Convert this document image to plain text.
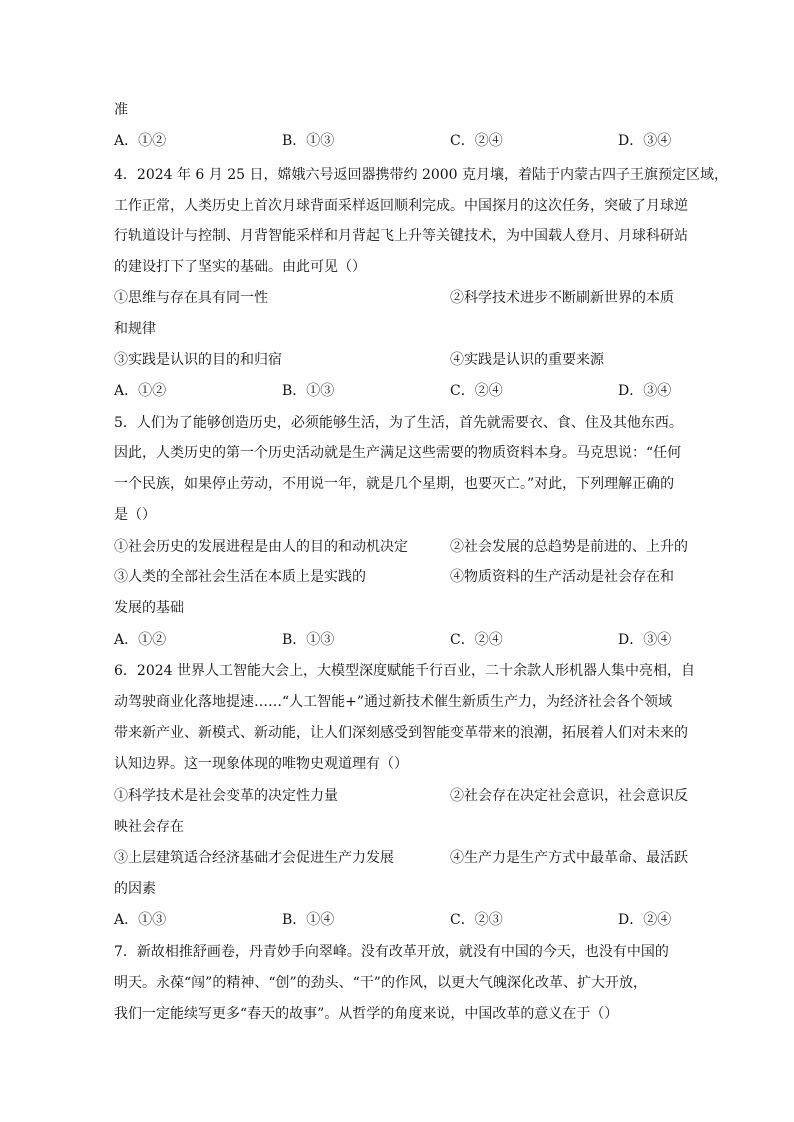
准
A．①②	B．①③	C．②④	D．③④
4．2024 年 6 月 25 日，嫦娥六号返回器携带约 2000 克月壤，着陆于内蒙古四子王旗预定区域，
工作正常，人类历史上首次月球背面采样返回顺利完成。中国探月的这次任务，突破了月球逆
行轨道设计与控制、月背智能采样和月背起飞上升等关键技术，为中国载人登月、月球科研站
的建设打下了坚实的基础。由此可见（）
①思维与存在具有同一性	②科学技术进步不断刷新世界的本质
和规律
③实践是认识的目的和归宿	④实践是认识的重要来源
A．①②	B．①③	C．②④	D．③④
5．人们为了能够创造历史，必须能够生活，为了生活，首先就需要衣、食、住及其他东西。
因此，人类历史的第一个历史活动就是生产满足这些需要的物质资料本身。马克思说：“任何
一个民族，如果停止劳动，不用说一年，就是几个星期，也要灭亡。”对此，下列理解正确的
是（）
①社会历史的发展进程是由人的目的和动机决定	②社会发展的总趋势是前进的、上升的
③人类的全部社会生活在本质上是实践的	④物质资料的生产活动是社会存在和
发展的基础
A．①②	B．①③	C．②④	D．③④
6．2024 世界人工智能大会上，大模型深度赋能千行百业，二十余款人形机器人集中亮相，自
动驾驶商业化落地提速……“人工智能+”通过新技术催生新质生产力，为经济社会各个领域
带来新产业、新模式、新动能，让人们深刻感受到智能变革带来的浪潮，拓展着人们对未来的
认知边界。这一现象体现的唯物史观道理有（）
①科学技术是社会变革的决定性力量	②社会存在决定社会意识，社会意识反
映社会存在
③上层建筑适合经济基础才会促进生产力发展	④生产力是生产方式中最革命、最活跃
的因素
A．①③	B．①④	C．②③	D．②④
7．新故相推舒画卷，丹青妙手向翠峰。没有改革开放，就没有中国的今天，也没有中国的
明天。永葆“闯”的精神、“创”的劲头、“干”的作风，以更大气魄深化改革、扩大开放，
我们一定能续写更多“春天的故事”。从哲学的角度来说，中国改革的意义在于（）
